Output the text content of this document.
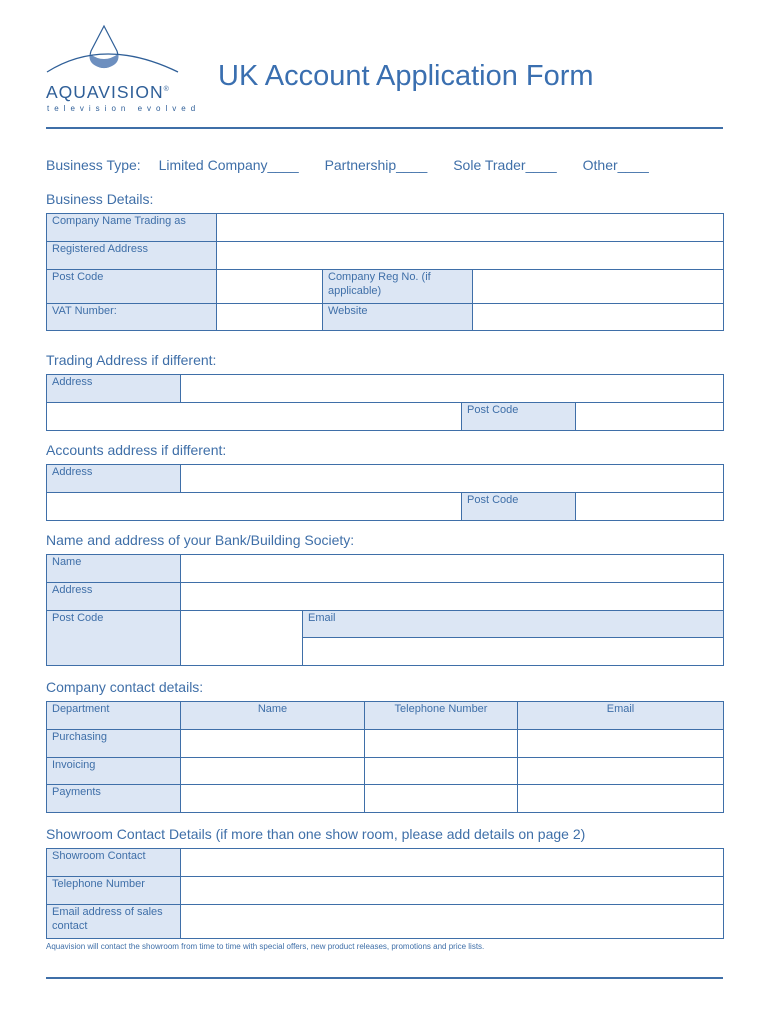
AQUAVISION®
television evolved
UK Account Application Form
Business Type: Limited Company____ Partnership____ Sole Trader____ Other____
Business Details:
Company Name Trading as			
Registered Address			
Post Code		Company Reg No. (if applicable)	
VAT Number:		Website	
Trading Address if different:
Address			
		Post Code	
Accounts address if different:
Address			
		Post Code	
Name and address of your Bank/Building Society:
Name		
Address		
Post Code		Email

Company contact details:
Department	Name	Telephone Number	Email
Purchasing			
Invoicing			
Payments			
Showroom Contact Details (if more than one show room, please add details on page 2)
Showroom Contact	
Telephone Number	
Email address of sales contact	
Aquavision will contact the showroom from time to time with special offers, new product releases, promotions and price lists.
